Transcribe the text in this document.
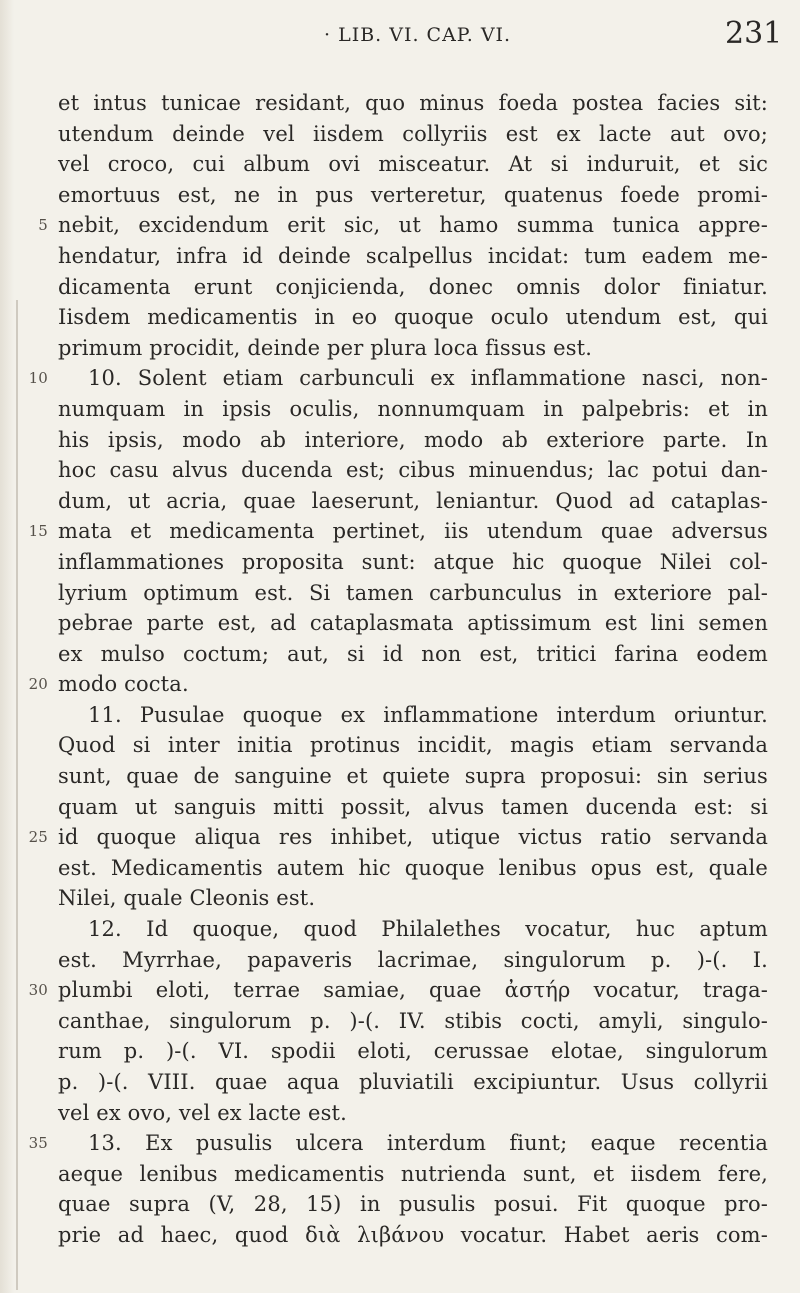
· LIB. VI. CAP. VI.	231
et intus tunicae residant, quo minus foeda postea facies sit:
utendum deinde vel iisdem collyriis est ex lacte aut ovo;
vel croco, cui album ovi misceatur. At si induruit, et sic
emortuus est, ne in pus verteretur, quatenus foede promi-
5 nebit, excidendum erit sic, ut hamo summa tunica appre-
hendatur, infra id deinde scalpellus incidat: tum eadem me-
dicamenta erunt conjicienda, donec omnis dolor finiatur.
Iisdem medicamentis in eo quoque oculo utendum est, qui
primum procidit, deinde per plura loca fissus est.
10 10. Solent etiam carbunculi ex inflammatione nasci, non-
numquam in ipsis oculis, nonnumquam in palpebris: et in
his ipsis, modo ab interiore, modo ab exteriore parte. In
hoc casu alvus ducenda est; cibus minuendus; lac potui dan-
dum, ut acria, quae laeserunt, leniantur. Quod ad cataplas-
15 mata et medicamenta pertinet, iis utendum quae adversus
inflammationes proposita sunt: atque hic quoque Nilei col-
lyrium optimum est. Si tamen carbunculus in exteriore pal-
pebrae parte est, ad cataplasmata aptissimum est lini semen
ex mulso coctum; aut, si id non est, tritici farina eodem
20 modo cocta.
11. Pusulae quoque ex inflammatione interdum oriuntur.
Quod si inter initia protinus incidit, magis etiam servanda
sunt, quae de sanguine et quiete supra proposui: sin serius
quam ut sanguis mitti possit, alvus tamen ducenda est: si
25 id quoque aliqua res inhibet, utique victus ratio servanda
est. Medicamentis autem hic quoque lenibus opus est, quale
Nilei, quale Cleonis est.
12. Id quoque, quod Philalethes vocatur, huc aptum
est. Myrrhae, papaveris lacrimae, singulorum p. )-(. I.
30 plumbi eloti, terrae samiae, quae ἀστήρ vocatur, traga-
canthae, singulorum p. )-(. IV. stibis cocti, amyli, singulo-
rum p. )-(. VI. spodii eloti, cerussae elotae, singulorum
p. )-(. VIII. quae aqua pluviatili excipiuntur. Usus collyrii
vel ex ovo, vel ex lacte est.
35 13. Ex pusulis ulcera interdum fiunt; eaque recentia
aeque lenibus medicamentis nutrienda sunt, et iisdem fere,
quae supra (V, 28, 15) in pusulis posui. Fit quoque pro-
prie ad haec, quod διὰ λιβάνου vocatur. Habet aeris com-
